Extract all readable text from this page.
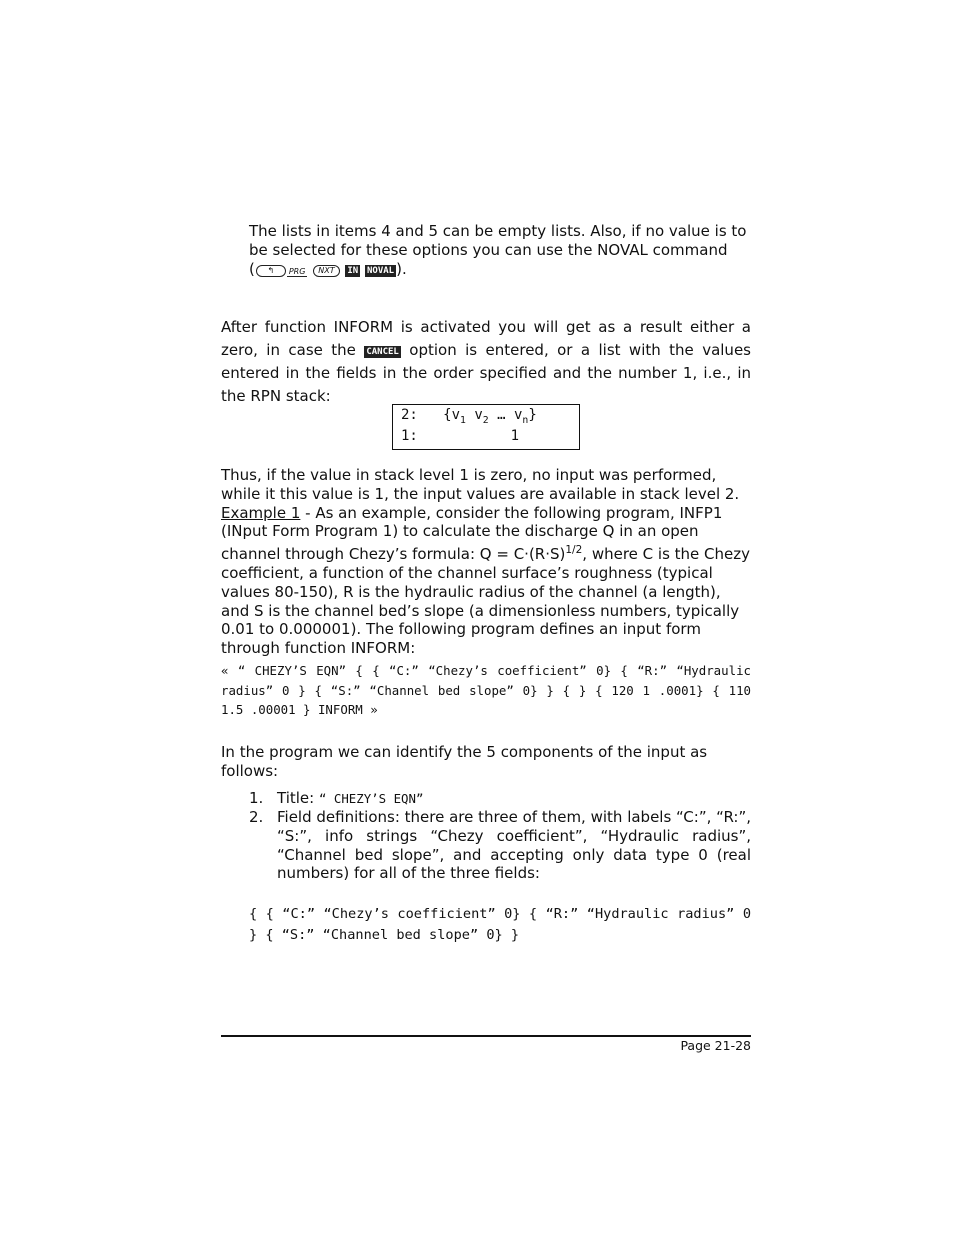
The lists in items 4 and 5 can be empty lists. Also, if no value is to be selected for these options you can use the NOVAL command
( ↰ PRG NXT IN NOVAL ).

After function INFORM is activated you will get as a result either a zero, in case the CANCEL option is entered, or a list with the values entered in the fields in the order specified and the number 1, i.e., in the RPN stack:

2: {$v_1$ $v_2$ … $v_n$}
1:	1

Thus, if the value in stack level 1 is zero, no input was performed, while it this value is 1, the input values are available in stack level 2.
Example 1 - As an example, consider the following program, INFP1 (INput Form Program 1) to calculate the discharge Q in an open channel through Chezy’s formula: $Q = C\cdot(R\cdot S)^{1/2}$, where C is the Chezy coefficient, a function of the channel surface’s roughness (typical values 80-150), R is the hydraulic radius of the channel (a length), and S is the channel bed’s slope (a dimensionless numbers, typically 0.01 to 0.000001). The following program defines an input form through function INFORM:

« “ CHEZY’S EQN” { { “C:” “Chezy’s coefficient” 0} { “R:” “Hydraulic radius” 0 } { “S:” “Channel bed slope” 0} } { } { 120 1 .0001} { 110 1.5 .00001 } INFORM »

In the program we can identify the 5 components of the input as follows:

1. Title: “ CHEZY’S EQN”
2. Field definitions: there are three of them, with labels “C:”, “R:”, “S:”, info strings “Chezy coefficient”, “Hydraulic radius”, “Channel bed slope”, and accepting only data type 0 (real numbers) for all of the three fields:
{ { “C:” “Chezy’s coefficient” 0} { “R:” “Hydraulic radius” 0 } { “S:” “Channel bed slope” 0} }
Page 21-28
